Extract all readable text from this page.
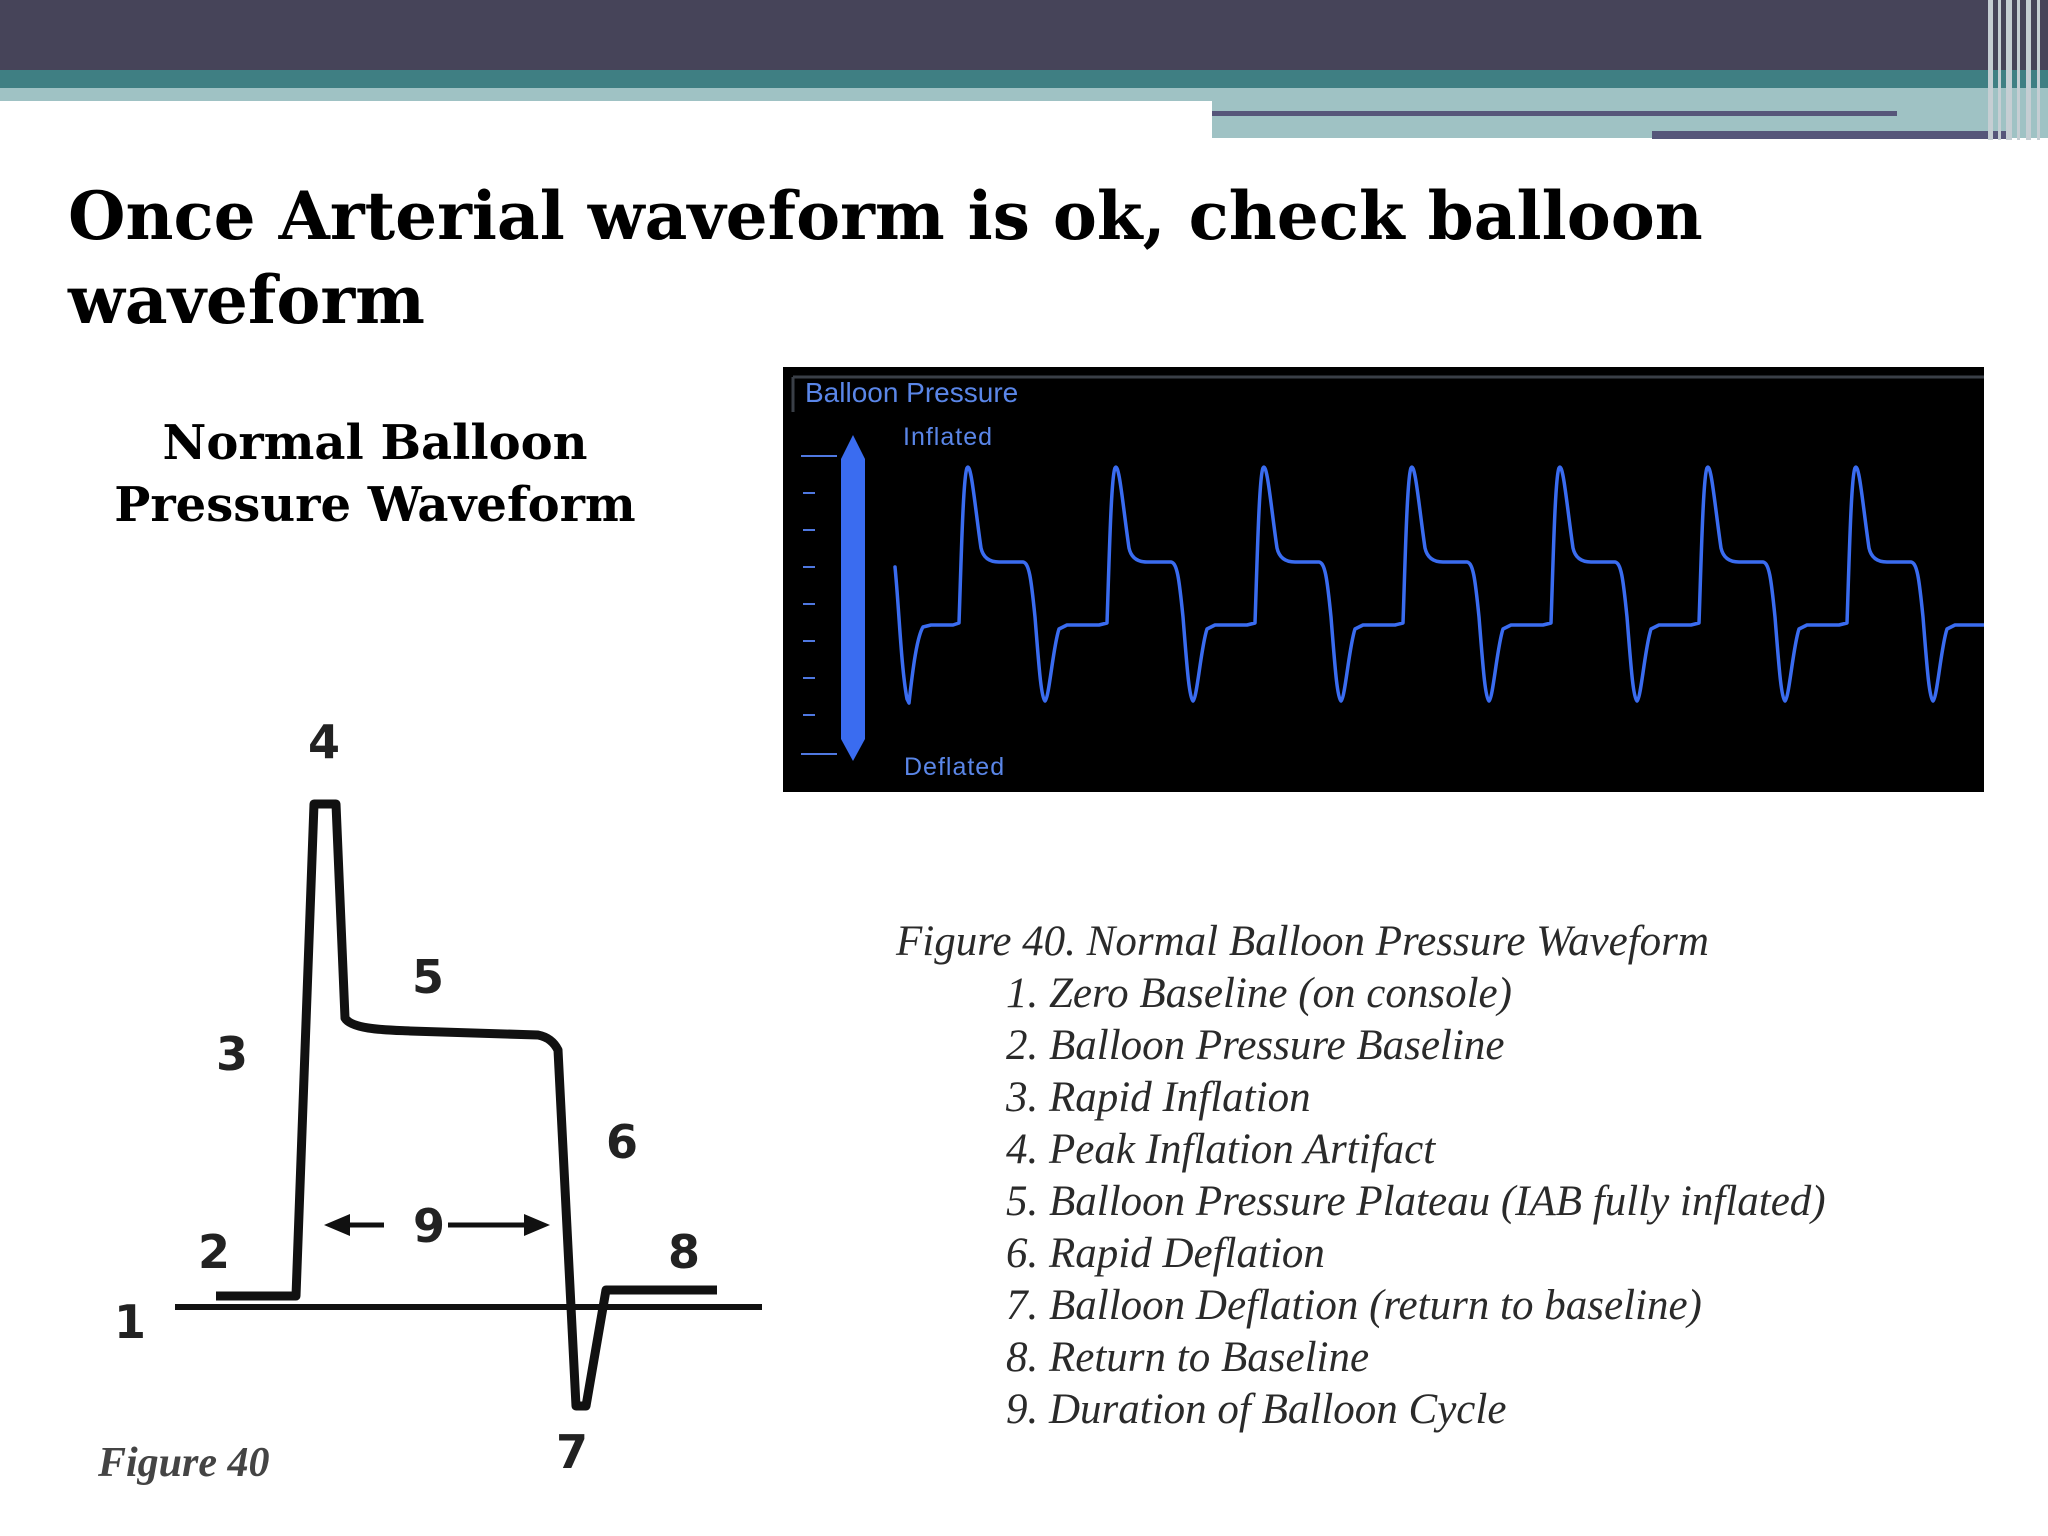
Once Arterial waveform is ok, check balloon waveform
Normal Balloon
Pressure Waveform
Balloon Pressure
Inflated
Deflated
1
2
3
4
5
6
7
8
9
Figure 40
Figure 40. Normal Balloon Pressure Waveform
1. Zero Baseline (on console)
2. Balloon Pressure Baseline
3. Rapid Inflation
4. Peak Inflation Artifact
5. Balloon Pressure Plateau (IAB fully inflated)
6. Rapid Deflation
7. Balloon Deflation (return to baseline)
8. Return to Baseline
9. Duration of Balloon Cycle
